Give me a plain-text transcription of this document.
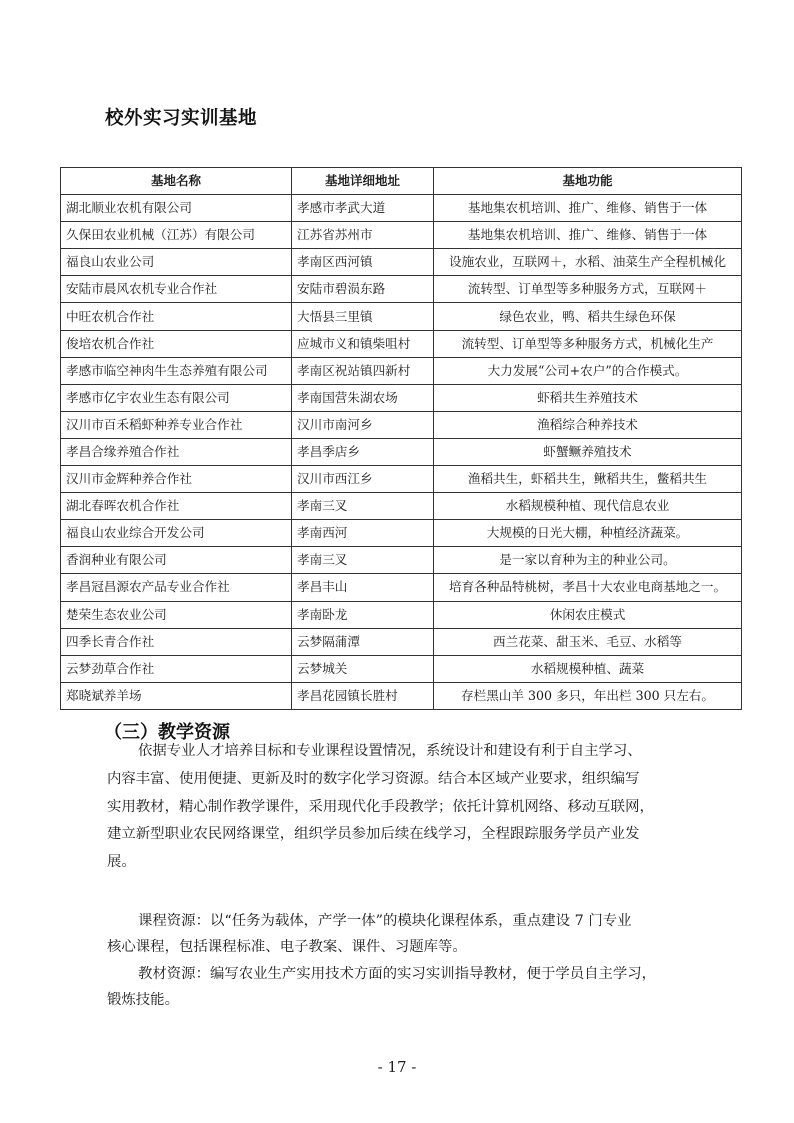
校外实习实训基地
基地名称	基地详细地址	基地功能
湖北顺业农机有限公司	孝感市孝武大道	基地集农机培训、推广、维修、销售于一体
久保田农业机械（江苏）有限公司	江苏省苏州市	基地集农机培训、推广、维修、销售于一体
福良山农业公司	孝南区西河镇	设施农业，互联网＋，水稻、油菜生产全程机械化
安陆市晨风农机专业合作社	安陆市碧涢东路	流转型、订单型等多种服务方式，互联网＋
中旺农机合作社	大悟县三里镇	绿色农业，鸭、稻共生绿色环保
俊培农机合作社	应城市义和镇柴咀村	流转型、订单型等多种服务方式，机械化生产
孝感市临空神肉牛生态养殖有限公司	孝南区祝站镇四新村	大力发展“公司+农户”的合作模式。
孝感市亿宇农业生态有限公司	孝南国营朱湖农场	虾稻共生养殖技术
汉川市百禾稻虾种养专业合作社	汉川市南河乡	渔稻综合种养技术
孝昌合缘养殖合作社	孝昌季店乡	虾蟹鳜养殖技术
汉川市金辉种养合作社	汉川市西江乡	渔稻共生，虾稻共生，鳅稻共生，鳖稻共生
湖北春晖农机合作社	孝南三叉	水稻规模种植、现代信息农业
福良山农业综合开发公司	孝南西河	大规模的日光大棚，种植经济蔬菜。
香润种业有限公司	孝南三叉	是一家以育种为主的种业公司。
孝昌冠昌源农产品专业合作社	孝昌丰山	培育各种品特桃树，孝昌十大农业电商基地之一。
楚荣生态农业公司	孝南卧龙	休闲农庄模式
四季长青合作社	云梦隔蒲潭	西兰花菜、甜玉米、毛豆、水稻等
云梦劲草合作社	云梦城关	水稻规模种植、蔬菜
郑晓斌养羊场	孝昌花园镇长胜村	存栏黑山羊 300 多只，年出栏 300 只左右。
（三）教学资源
依据专业人才培养目标和专业课程设置情况，系统设计和建设有利于自主学习、
内容丰富、使用便捷、更新及时的数字化学习资源。结合本区域产业要求，组织编写
实用教材，精心制作教学课件，采用现代化手段教学；依托计算机网络、移动互联网，
建立新型职业农民网络课堂，组织学员参加后续在线学习，全程跟踪服务学员产业发
展。
课程资源：以“任务为载体，产学一体”的模块化课程体系，重点建设 7 门专业
核心课程，包括课程标准、电子教案、课件、习题库等。
教材资源：编写农业生产实用技术方面的实习实训指导教材，便于学员自主学习，
锻炼技能。
- 17 -
